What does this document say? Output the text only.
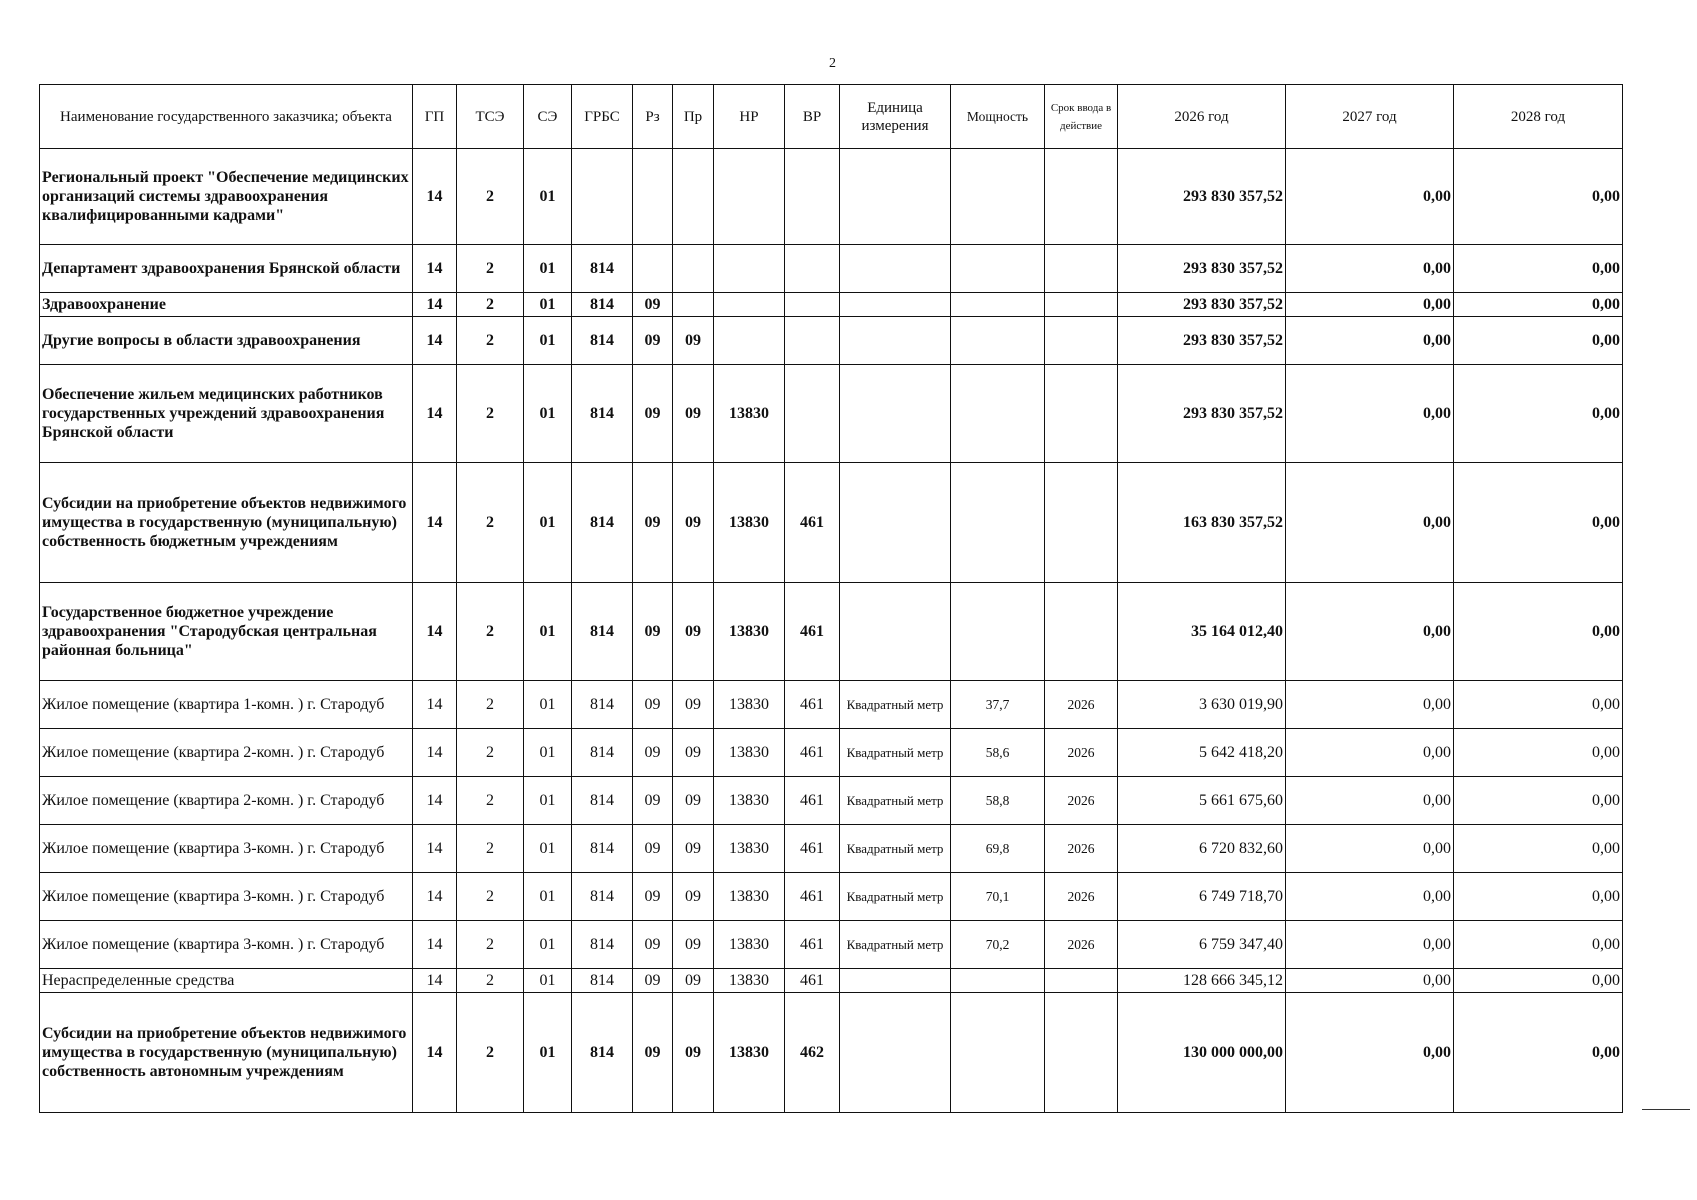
2
Наименование государственного заказчика; объекта	ГП	ТСЭ	СЭ	ГРБС	Рз	Пр	НР	ВР	Единица измерения	Мощность	Срок ввода в действие	2026 год	2027 год	2028 год
Региональный проект "Обеспечение медицинских организаций системы здравоохранения квалифицированными кадрами"	14	2	01									293 830 357,52	0,00	0,00
Департамент здравоохранения Брянской области	14	2	01	814								293 830 357,52	0,00	0,00
Здравоохранение	14	2	01	814	09							293 830 357,52	0,00	0,00
Другие вопросы в области здравоохранения	14	2	01	814	09	09						293 830 357,52	0,00	0,00
Обеспечение жильем медицинских работников государственных учреждений здравоохранения Брянской области	14	2	01	814	09	09	13830					293 830 357,52	0,00	0,00
Субсидии на приобретение объектов недвижимого имущества в государственную (муниципальную) собственность бюджетным учреждениям	14	2	01	814	09	09	13830	461				163 830 357,52	0,00	0,00
Государственное бюджетное учреждение здравоохранения "Стародубская центральная районная больница"	14	2	01	814	09	09	13830	461				35 164 012,40	0,00	0,00
Жилое помещение (квартира 1-комн. ) г. Стародуб	14	2	01	814	09	09	13830	461	Квадратный метр	37,7	2026	3 630 019,90	0,00	0,00
Жилое помещение (квартира 2-комн. ) г. Стародуб	14	2	01	814	09	09	13830	461	Квадратный метр	58,6	2026	5 642 418,20	0,00	0,00
Жилое помещение (квартира 2-комн. ) г. Стародуб	14	2	01	814	09	09	13830	461	Квадратный метр	58,8	2026	5 661 675,60	0,00	0,00
Жилое помещение (квартира 3-комн. ) г. Стародуб	14	2	01	814	09	09	13830	461	Квадратный метр	69,8	2026	6 720 832,60	0,00	0,00
Жилое помещение (квартира 3-комн. ) г. Стародуб	14	2	01	814	09	09	13830	461	Квадратный метр	70,1	2026	6 749 718,70	0,00	0,00
Жилое помещение (квартира 3-комн. ) г. Стародуб	14	2	01	814	09	09	13830	461	Квадратный метр	70,2	2026	6 759 347,40	0,00	0,00
Нераспределенные средства	14	2	01	814	09	09	13830	461				128 666 345,12	0,00	0,00
Субсидии на приобретение объектов недвижимого имущества в государственную (муниципальную) собственность автономным учреждениям	14	2	01	814	09	09	13830	462				130 000 000,00	0,00	0,00
